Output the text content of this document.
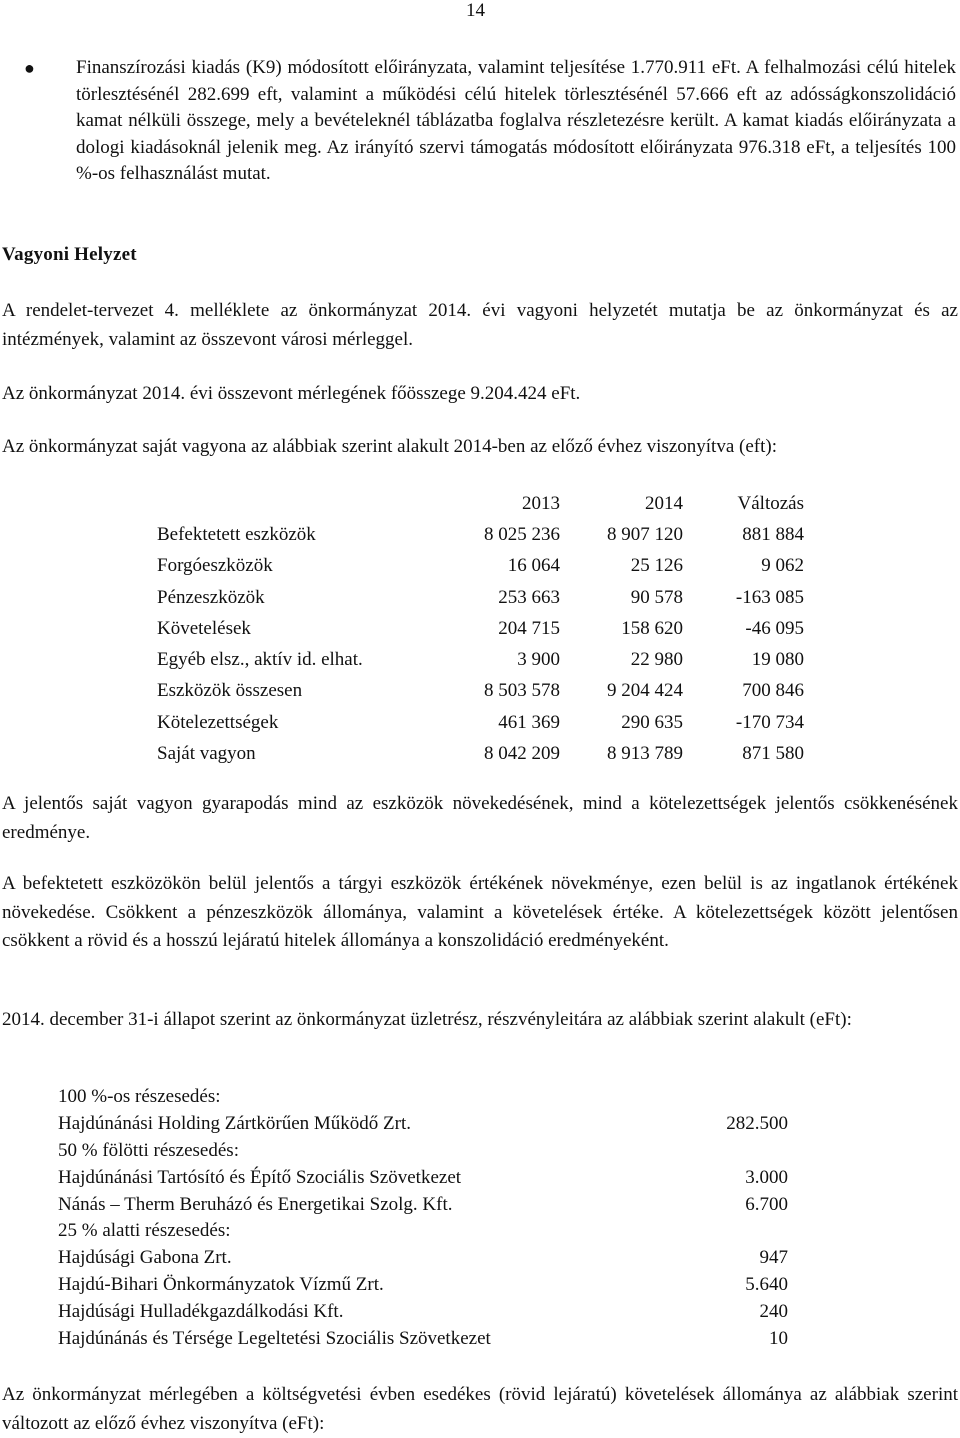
14
● Finanszírozási kiadás (K9) módosított előirányzata, valamint teljesítése 1.770.911 eFt. A felhalmozási célú hitelek törlesztésénél 282.699 eft, valamint a működési célú hitelek törlesztésénél 57.666 eft az adósságkonszolidáció kamat nélküli összege, mely a bevételeknél táblázatba foglalva részletezésre került. A kamat kiadás előirányzata a dologi kiadásoknál jelenik meg. Az irányító szervi támogatás módosított előirányzata 976.318 eFt, a teljesítés 100 %-os felhasználást mutat.
Vagyoni Helyzet
A rendelet-tervezet 4. melléklete az önkormányzat 2014. évi vagyoni helyzetét mutatja be az önkormányzat és az intézmények, valamint az összevont városi mérleggel.
Az önkormányzat 2014. évi összevont mérlegének főösszege 9.204.424 eFt.
Az önkormányzat saját vagyona az alábbiak szerint alakult 2014-ben az előző évhez viszonyítva (eft):
	2013	2014	Változás
Befektetett eszközök	8 025 236	8 907 120	881 884
Forgóeszközök	16 064	25 126	9 062
Pénzeszközök	253 663	90 578	-163 085
Követelések	204 715	158 620	-46 095
Egyéb elsz., aktív id. elhat.	3 900	22 980	19 080
Eszközök összesen	8 503 578	9 204 424	700 846
Kötelezettségek	461 369	290 635	-170 734
Saját vagyon	8 042 209	8 913 789	871 580
A jelentős saját vagyon gyarapodás mind az eszközök növekedésének, mind a kötelezettségek jelentős csökkenésének eredménye.
A befektetett eszközökön belül jelentős a tárgyi eszközök értékének növekménye, ezen belül is az ingatlanok értékének növekedése. Csökkent a pénzeszközök állománya, valamint a követelések értéke. A kötelezettségek között jelentősen csökkent a rövid és a hosszú lejáratú hitelek állománya a konszolidáció eredményeként.
2014. december 31-i állapot szerint az önkormányzat üzletrész, részvényleitára az alábbiak szerint alakult (eFt):
100 %-os részesedés:
Hajdúnánási Holding Zártkörűen Működő Zrt.	282.500
50 % fölötti részesedés:
Hajdúnánási Tartósító és Építő Szociális Szövetkezet	3.000
Nánás – Therm Beruházó és Energetikai Szolg. Kft.	6.700
25 % alatti részesedés:
Hajdúsági Gabona Zrt.	947
Hajdú-Bihari Önkormányzatok Vízmű Zrt.	5.640
Hajdúsági Hulladékgazdálkodási Kft.	240
Hajdúnánás és Térsége Legeltetési Szociális Szövetkezet	10
Az önkormányzat mérlegében a költségvetési évben esedékes (rövid lejáratú) követelések állománya az alábbiak szerint változott az előző évhez viszonyítva (eFt):
